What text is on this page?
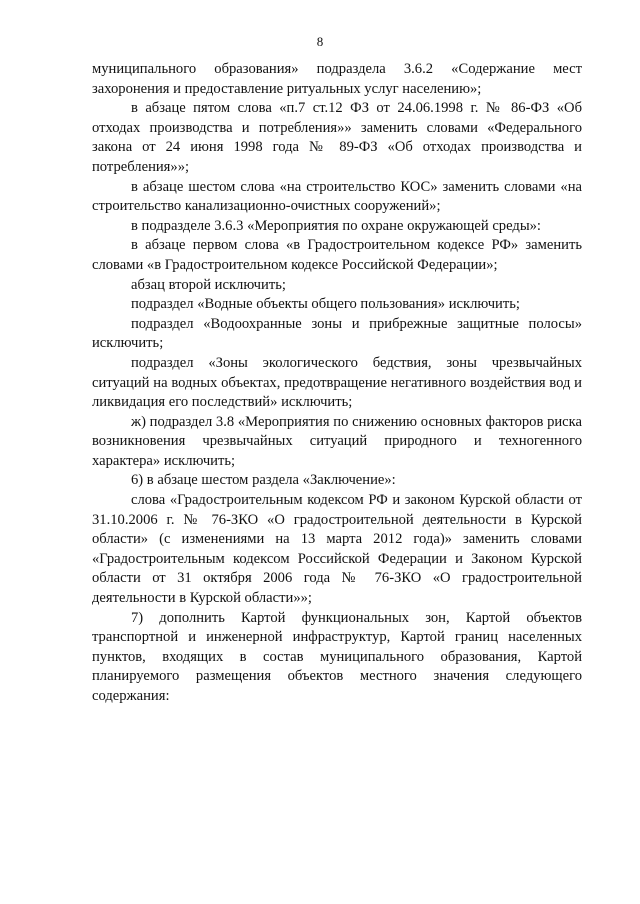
8

муниципального образования» подраздела 3.6.2 «Содержание мест захоронения и предоставление ритуальных услуг населению»;

в абзаце пятом слова «п.7 ст.12 ФЗ от 24.06.1998 г. № 86-ФЗ «Об отходах производства и потребления»» заменить словами «Федерального закона от 24 июня 1998 года № 89-ФЗ «Об отходах производства и потребления»»;

в абзаце шестом слова «на строительство КОС» заменить словами «на строительство канализационно-очистных сооружений»;

в подразделе 3.6.3 «Мероприятия по охране окружающей среды»:

в абзаце первом слова «в Градостроительном кодексе РФ» заменить словами «в Градостроительном кодексе Российской Федерации»;

абзац второй исключить;

подраздел «Водные объекты общего пользования» исключить;

подраздел «Водоохранные зоны и прибрежные защитные полосы» исключить;

подраздел «Зоны экологического бедствия, зоны чрезвычайных ситуаций на водных объектах, предотвращение негативного воздействия вод и ликвидация его последствий» исключить;

ж) подраздел 3.8 «Мероприятия по снижению основных факторов риска возникновения чрезвычайных ситуаций природного и техногенного характера» исключить;

6) в абзаце шестом раздела «Заключение»:

слова «Градостроительным кодексом РФ и законом Курской области от 31.10.2006 г. № 76-ЗКО «О градостроительной деятельности в Курской области» (с изменениями на 13 марта 2012 года)» заменить словами «Градостроительным кодексом Российской Федерации и Законом Курской области от 31 октября 2006 года № 76-ЗКО «О градостроительной деятельности в Курской области»»;

7) дополнить Картой функциональных зон, Картой объектов транспортной и инженерной инфраструктур, Картой границ населенных пунктов, входящих в состав муниципального образования, Картой планируемого размещения объектов местного значения следующего содержания:
